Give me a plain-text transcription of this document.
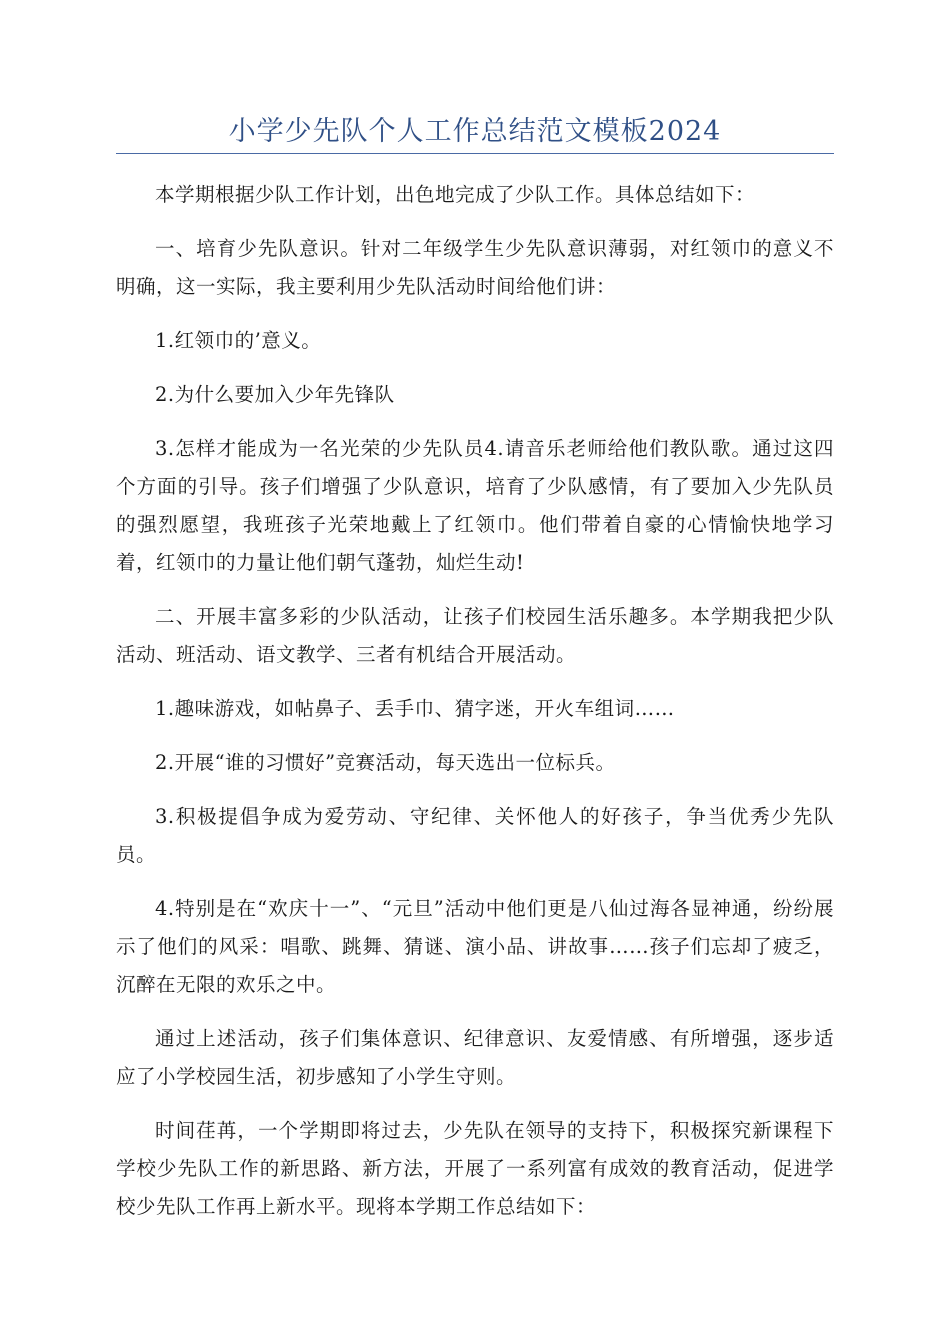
小学少先队个人工作总结范文模板2024

本学期根据少队工作计划，出色地完成了少队工作。具体总结如下：

一、培育少先队意识。针对二年级学生少先队意识薄弱，对红领巾的意义不明确，这一实际，我主要利用少先队活动时间给他们讲：

1.红领巾的’意义。

2.为什么要加入少年先锋队

3.怎样才能成为一名光荣的少先队员4.请音乐老师给他们教队歌。通过这四个方面的引导。孩子们增强了少队意识，培育了少队感情，有了要加入少先队员的强烈愿望，我班孩子光荣地戴上了红领巾。他们带着自豪的心情愉快地学习着，红领巾的力量让他们朝气蓬勃，灿烂生动!

二、开展丰富多彩的少队活动，让孩子们校园生活乐趣多。本学期我把少队活动、班活动、语文教学、三者有机结合开展活动。

1.趣味游戏，如帖鼻子、丢手巾、猜字迷，开火车组词……

2.开展“谁的习惯好”竞赛活动，每天选出一位标兵。

3.积极提倡争成为爱劳动、守纪律、关怀他人的好孩子，争当优秀少先队员。

4.特别是在“欢庆十一”、“元旦”活动中他们更是八仙过海各显神通，纷纷展示了他们的风采：唱歌、跳舞、猜谜、演小品、讲故事……孩子们忘却了疲乏，沉醉在无限的欢乐之中。

通过上述活动，孩子们集体意识、纪律意识、友爱情感、有所增强，逐步适应了小学校园生活，初步感知了小学生守则。

时间荏苒，一个学期即将过去，少先队在领导的支持下，积极探究新课程下学校少先队工作的新思路、新方法，开展了一系列富有成效的教育活动，促进学校少先队工作再上新水平。现将本学期工作总结如下：
